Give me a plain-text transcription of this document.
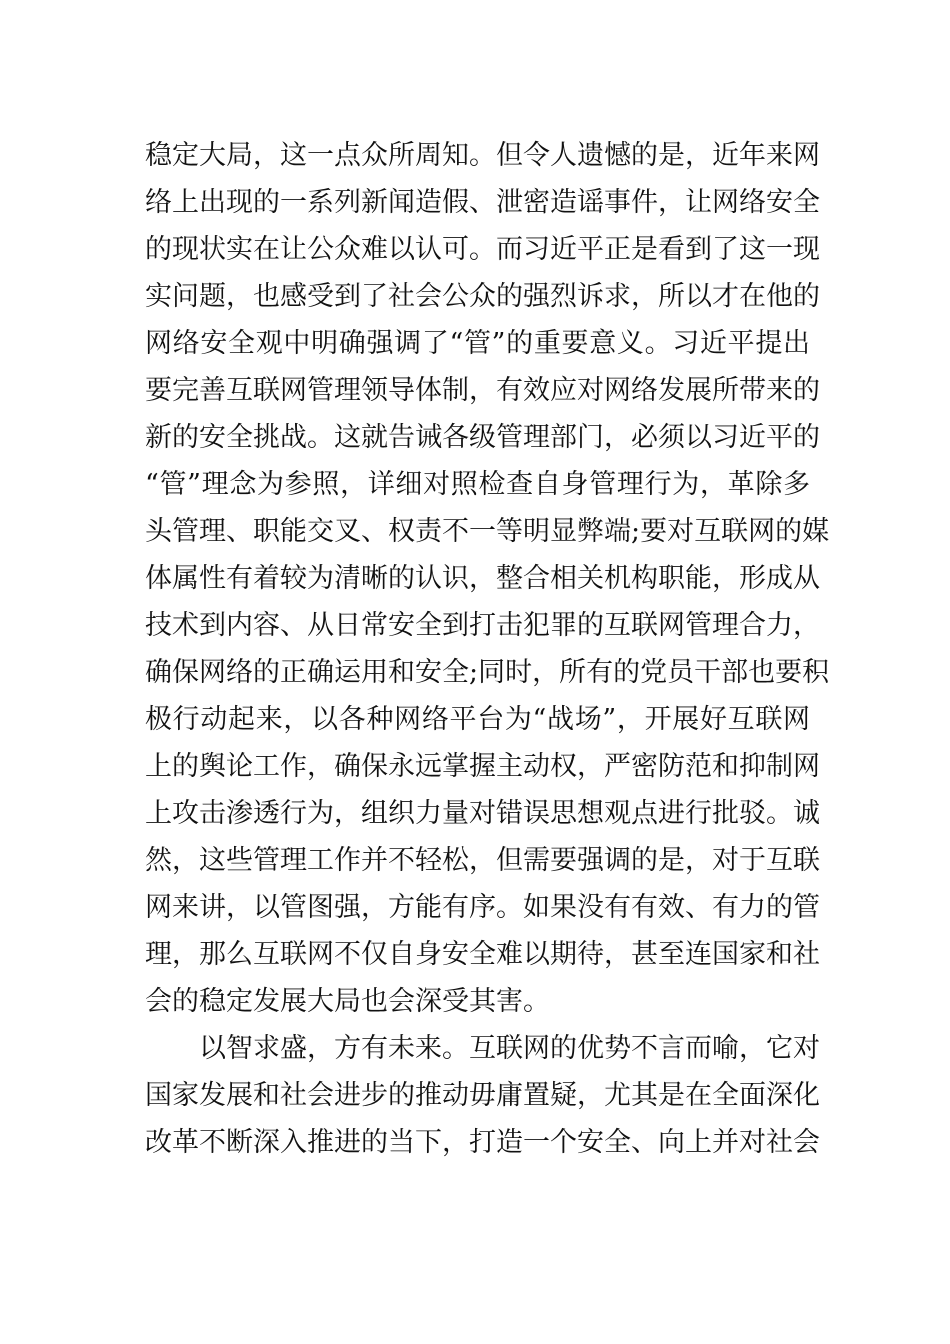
稳定大局，这一点众所周知。但令人遗憾的是，近年来网
络上出现的一系列新闻造假、泄密造谣事件，让网络安全
的现状实在让公众难以认可。而习近平正是看到了这一现
实问题，也感受到了社会公众的强烈诉求，所以才在他的
网络安全观中明确强调了“管”的重要意义。习近平提出
要完善互联网管理领导体制，有效应对网络发展所带来的
新的安全挑战。这就告诫各级管理部门，必须以习近平的
“管”理念为参照，详细对照检查自身管理行为，革除多
头管理、职能交叉、权责不一等明显弊端;要对互联网的媒
体属性有着较为清晰的认识，整合相关机构职能，形成从
技术到内容、从日常安全到打击犯罪的互联网管理合力，
确保网络的正确运用和安全;同时，所有的党员干部也要积
极行动起来，以各种网络平台为“战场”，开展好互联网
上的舆论工作，确保永远掌握主动权，严密防范和抑制网
上攻击渗透行为，组织力量对错误思想观点进行批驳。诚
然，这些管理工作并不轻松，但需要强调的是，对于互联
网来讲，以管图强，方能有序。如果没有有效、有力的管
理，那么互联网不仅自身安全难以期待，甚至连国家和社
会的稳定发展大局也会深受其害。
以智求盛，方有未来。互联网的优势不言而喻，它对
国家发展和社会进步的推动毋庸置疑，尤其是在全面深化
改革不断深入推进的当下，打造一个安全、向上并对社会
